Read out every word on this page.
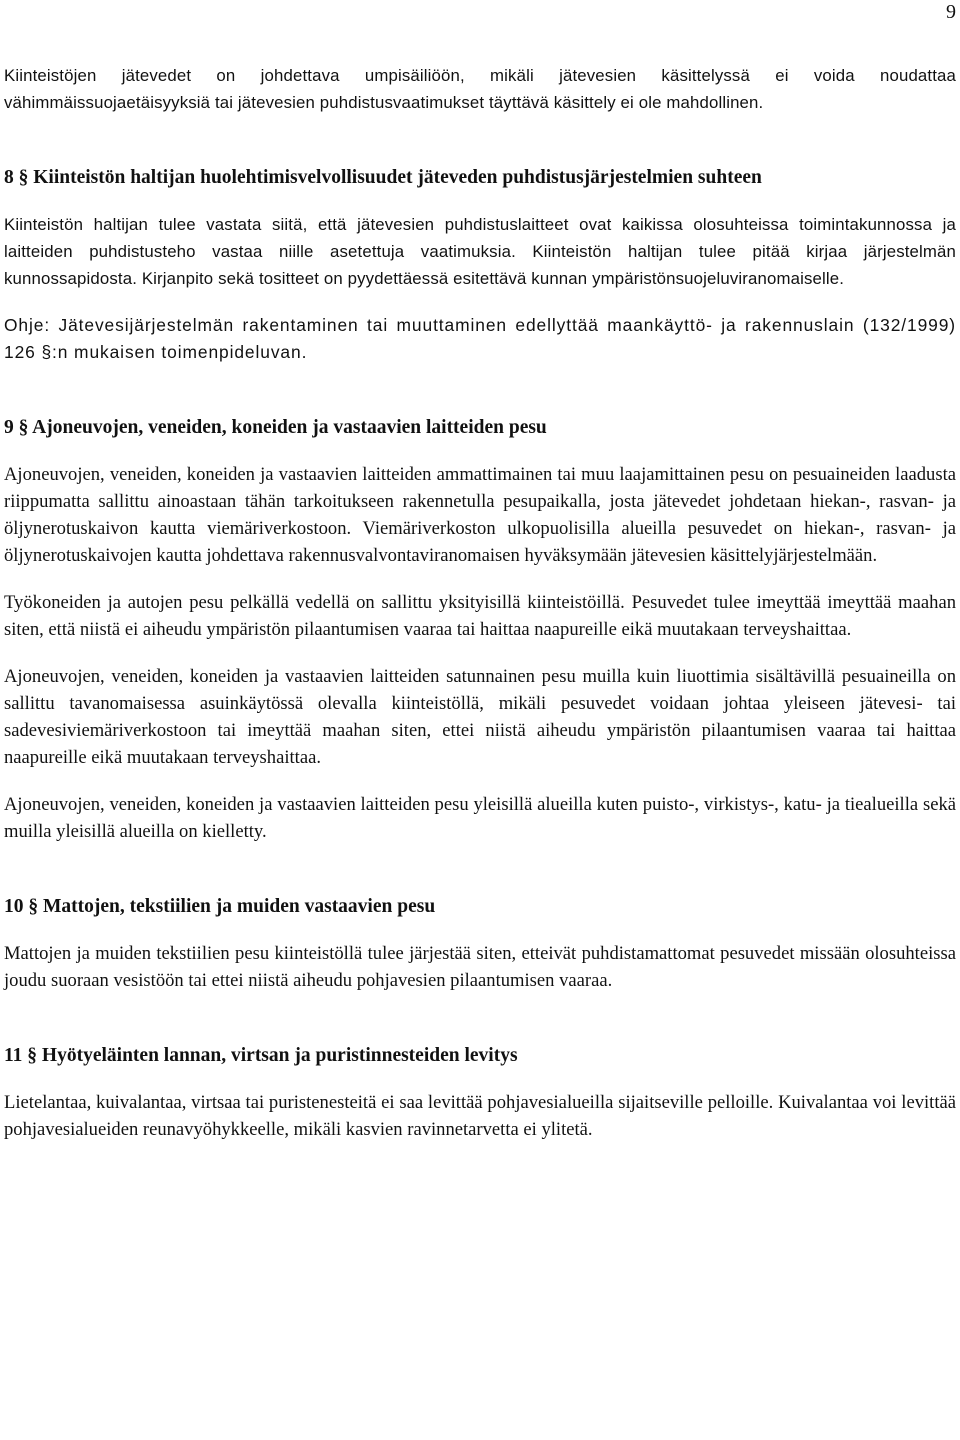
9

Kiinteistöjen jätevedet on johdettava umpisäiliöön, mikäli jätevesien käsittelyssä ei voida noudattaa vähimmäissuojaetäisyyksiä tai jätevesien puhdistusvaatimukset täyttävä käsittely ei ole mahdollinen.

8 § Kiinteistön haltijan huolehtimisvelvollisuudet jäteveden puhdistusjärjestelmien suhteen

Kiinteistön haltijan tulee vastata siitä, että jätevesien puhdistuslaitteet ovat kaikissa olosuhteissa toimintakunnossa ja laitteiden puhdistusteho vastaa niille asetettuja vaatimuksia. Kiinteistön haltijan tulee pitää kirjaa järjestelmän kunnossapidosta. Kirjanpito sekä tositteet on pyydettäessä esitettävä kunnan ympäristönsuojeluviranomaiselle.

Ohje: Jätevesijärjestelmän rakentaminen tai muuttaminen edellyttää maankäyttö- ja rakennuslain (132/1999) 126 §:n mukaisen toimenpideluvan.

9 § Ajoneuvojen, veneiden, koneiden ja vastaavien laitteiden pesu

Ajoneuvojen, veneiden, koneiden ja vastaavien laitteiden ammattimainen tai muu laajamittainen pesu on pesuaineiden laadusta riippumatta sallittu ainoastaan tähän tarkoitukseen rakennetulla pesupaikalla, josta jätevedet johdetaan hiekan-, rasvan- ja öljynerotuskaivon kautta viemäriverkostoon. Viemäriverkoston ulkopuolisilla alueilla pesuvedet on hiekan-, rasvan- ja öljynerotuskaivojen kautta johdettava rakennusvalvontaviranomaisen hyväksymään jätevesien käsittelyjärjestelmään.

Työkoneiden ja autojen pesu pelkällä vedellä on sallittu yksityisillä kiinteistöillä. Pesuvedet tulee imeyttää imeyttää maahan siten, että niistä ei aiheudu ympäristön pilaantumisen vaaraa tai haittaa naapureille eikä muutakaan terveyshaittaa.

Ajoneuvojen, veneiden, koneiden ja vastaavien laitteiden satunnainen pesu muilla kuin liuottimia sisältävillä pesuaineilla on sallittu tavanomaisessa asuinkäytössä olevalla kiinteistöllä, mikäli pesuvedet voidaan johtaa yleiseen jätevesi- tai sadevesiviemäriverkostoon tai imeyttää maahan siten, ettei niistä aiheudu ympäristön pilaantumisen vaaraa tai haittaa naapureille eikä muutakaan terveyshaittaa.

Ajoneuvojen, veneiden, koneiden ja vastaavien laitteiden pesu yleisillä alueilla kuten puisto-, virkistys-, katu- ja tiealueilla sekä muilla yleisillä alueilla on kielletty.

10 § Mattojen, tekstiilien ja muiden vastaavien pesu

Mattojen ja muiden tekstiilien pesu kiinteistöllä tulee järjestää siten, etteivät puhdistamattomat pesuvedet missään olosuhteissa joudu suoraan vesistöön tai ettei niistä aiheudu pohjavesien pilaantumisen vaaraa.

11 § Hyötyeläinten lannan, virtsan ja puristinnesteiden levitys

Lietelantaa, kuivalantaa, virtsaa tai puristenesteitä ei saa levittää pohjavesialueilla sijaitseville pelloille. Kuivalantaa voi levittää pohjavesialueiden reunavyöhykkeelle, mikäli kasvien ravinnetarvetta ei ylitetä.
